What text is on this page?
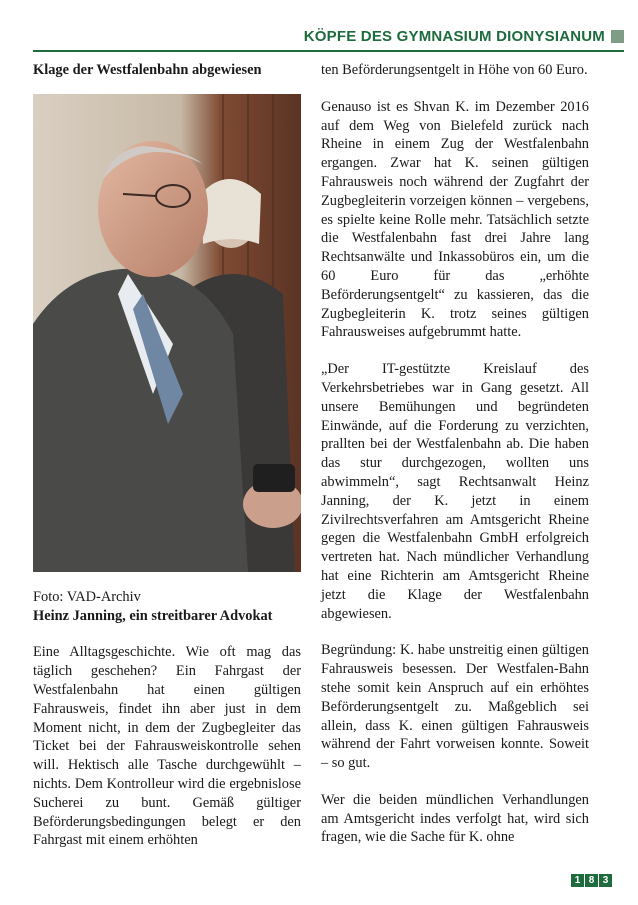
KÖPFE DES GYMNASIUM DIONYSIANUM

Klage der Westfalenbahn abgewiesen

Foto: VAD-Archiv

Heinz Janning, ein streitbarer Advokat

Eine Alltagsgeschichte. Wie oft mag das täglich geschehen? Ein Fahrgast der Westfalenbahn hat einen gültigen Fahrausweis, findet ihn aber just in dem Moment nicht, in dem der Zugbegleiter das Ticket bei der Fahrausweiskontrolle sehen will. Hektisch alle Tasche durchgewühlt – nichts. Dem Kontrolleur wird die ergebnislose Sucherei zu bunt. Gemäß gültiger Beförderungsbedingungen belegt er den Fahrgast mit einem erhöhten

ten Beförderungsentgelt in Höhe von 60 Euro.

Genauso ist es Shvan K. im Dezember 2016 auf dem Weg von Bielefeld zurück nach Rheine in einem Zug der Westfalenbahn ergangen. Zwar hat K. seinen gültigen Fahrausweis noch während der Zugfahrt der Zugbegleiterin vorzeigen können – vergebens, es spielte keine Rolle mehr. Tatsächlich setzte die Westfalenbahn fast drei Jahre lang Rechtsanwälte und Inkassobüros ein, um die 60 Euro für das „erhöhte Beförderungsentgelt“ zu kassieren, das die Zugbegleiterin K. trotz seines gültigen Fahrausweises aufgebrummt hatte.

„Der IT-gestützte Kreislauf des Verkehrsbetriebes war in Gang gesetzt. All unsere Bemühungen und begründeten Einwände, auf die Forderung zu verzichten, prallten bei der Westfalenbahn ab. Die haben das stur durchgezogen, wollten uns abwimmeln“, sagt Rechtsanwalt Heinz Janning, der K. jetzt in einem Zivilrechtsverfahren am Amtsgericht Rheine gegen die Westfalenbahn GmbH erfolgreich vertreten hat. Nach mündlicher Verhandlung hat eine Richterin am Amtsgericht Rheine jetzt die Klage der Westfalenbahn abgewiesen.

Begründung: K. habe unstreitig einen gültigen Fahrausweis besessen. Der Westfalen-Bahn stehe somit kein Anspruch auf ein erhöhtes Beförderungsentgelt zu. Maßgeblich sei allein, dass K. einen gültigen Fahrausweis während der Fahrt vorweisen konnte. Soweit – so gut.

Wer die beiden mündlichen Verhandlungen am Amtsgericht indes verfolgt hat, wird sich fragen, wie die Sache für K. ohne

1 8 3
